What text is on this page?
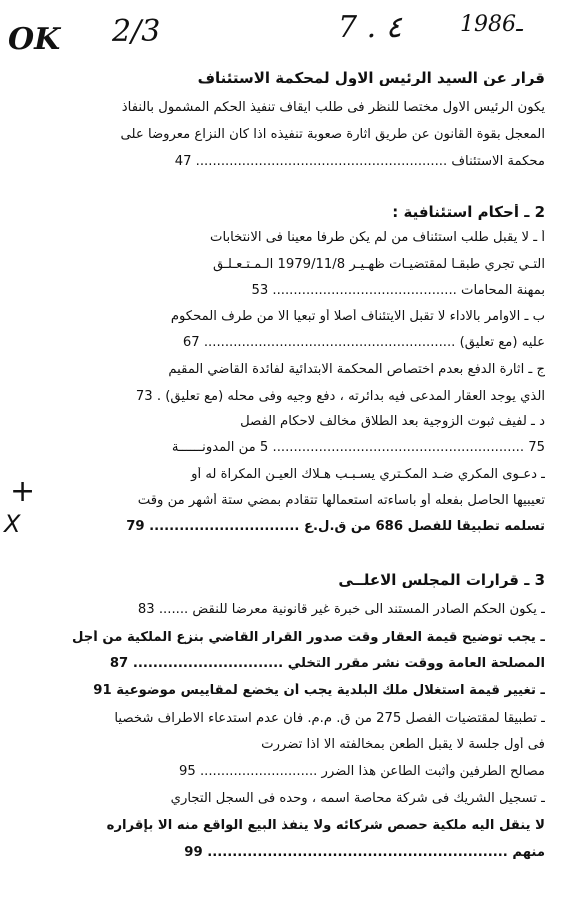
OK 2/3	7 . ٤	ـ1986
قرار عن السيد الرئيس الاول لمحكمة الاستئناف
يكون الرئيس الاول مختصا للنظر فى طلب ايقاف تنفيذ الحكم المشمول بالنفاذ
المعجل بقوة القانون عن طريق اثارة صعوبة تنفيذه اذا كان النزاع معروضا على
محكمة الاستئناف ............................................................ 47
2 ـ أحكام استئنافية :
أ ـ لا يقبل طلب استئناف من لم يكن طرفا معينا فى الانتخابات
التـي تجري طبقـا لمقتضيـات ظهـيـر 1979/11/8 الـمـتـعـلـق
بمهنة المحامات ............................................ 53
ب ـ الاوامر بالاداء لا تقبل الايتئناف أصلا أو تبعيا الا من طرف المحكوم
عليه (مع تعليق) ............................................................ 67
ج ـ اثارة الدفع بعدم اختصاص المحكمة الابتدائية لفائدة القاضي المقيم
الذي يوجد العقار المدعى فيه بدائرته ، دفع وجيه وفى محله (مع تعليق) . 73
د ـ لفيف ثبوت الزوجية بعد الطلاق مخالف لاحكام الفصل
75 ............................................................ 5 من المدونــــــة
ـ دعـوى المكري ضـد المكـتري يسـبـب هـلاك العيـن المكراة له أو
تعيبيها الحاصل بفعله أو باساءته استعمالها تتقادم بمضي ستة أشهر من وقت
تسلمه تطبيقا للفصل 686 من ق.ل.ع .............................. 79
+
X
3 ـ قرارات المجلس الاعلــى
ـ يكون الحكم الصادر المستند الى خبرة غير قانونية معرضا للنقض ....... 83
ـ يجب توضيح قيمة العقار وقت صدور القرار القاضي بنزع الملكية من أجل
المصلحة العامة ووقت نشر مقرر التخلي .............................. 87
ـ تغيير قيمة استغلال ملك البلدية يجب أن يخضع لمقاييس موضوعية 91
ـ تطبيقا لمقتضيات الفصل 275 من ق. م.م. فان عدم استدعاء الاطراف شخصيا
فى أول جلسة لا يقبل الطعن بمخالفته الا اذا تضررت
مصالح الطرفين وأثبت الطاعن هذا الضرر ............................ 95
ـ تسجيل الشريك فى شركة محاصة اسمه ، وحده فى السجل التجاري
لا ينقل اليه ملكية حصص شركائه ولا ينفذ البيع الواقع منه الا بإقراره
منهم ............................................................ 99
